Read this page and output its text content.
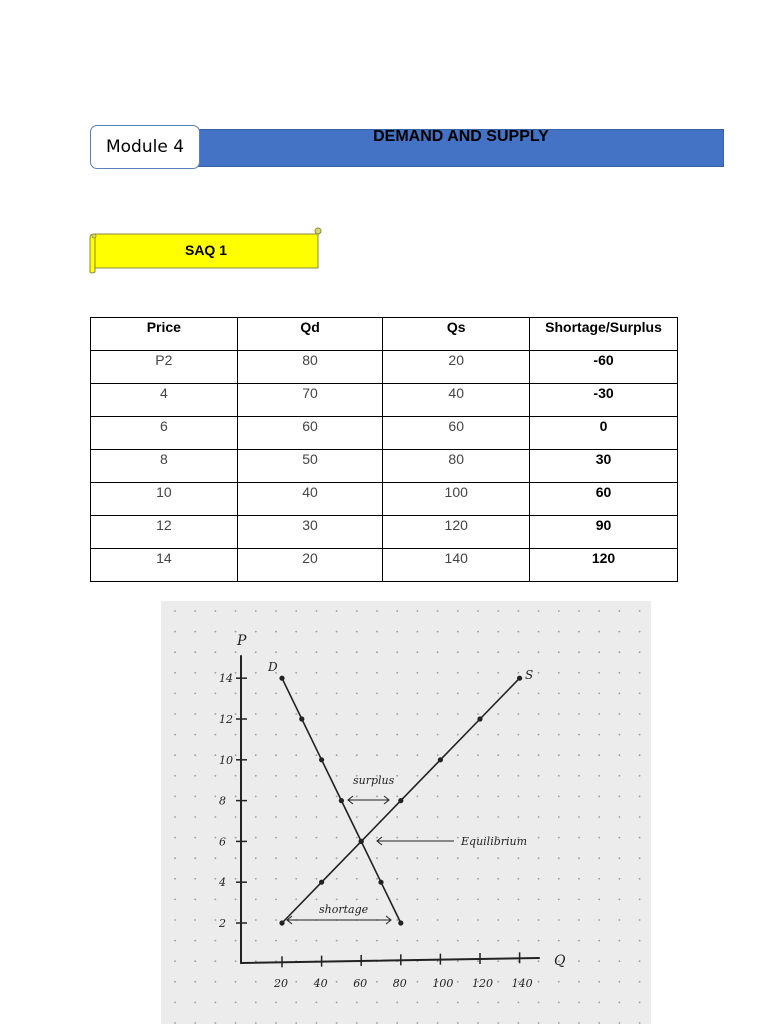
DEMAND AND SUPPLY
Module 4
SAQ 1
Price	Qd	Qs	Shortage/Surplus
P2	80	20	-60
4	70	40	-30
6	60	60	0
8	50	80	30
10	40	100	60
12	30	120	90
14	20	140	120
P
Q
2
4
6
8
10
12
14
20 40 60 80 100 120 140
D
S
surplus
shortage
Equilibrium
